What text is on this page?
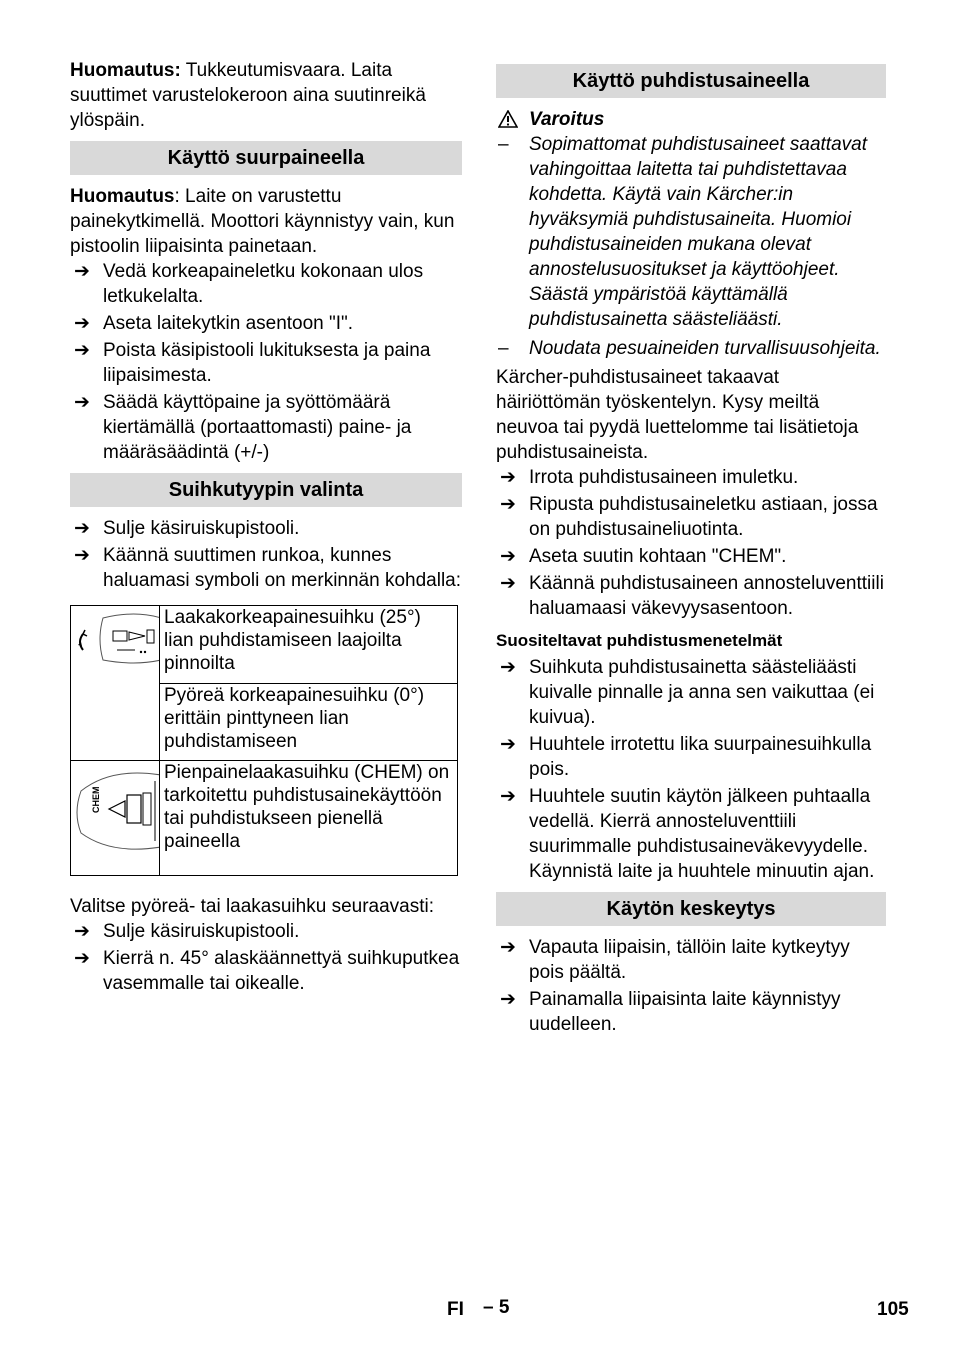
Huomautus: Tukkeutumisvaara. Laita suuttimet varustelokeroon aina suutinreikä ylöspäin.

Käyttö suurpaineella

Huomautus: Laite on varustettu painekytkimellä. Moottori käynnistyy vain, kun pistoolin liipaisinta painetaan.

➔ Vedä korkeapaineletku kokonaan ulos letkukelalta.
➔ Aseta laitekytkin asentoon "I".
➔ Poista käsipistooli lukituksesta ja paina liipaisimesta.
➔ Säädä käyttöpaine ja syöttömäärä kiertämällä (portaattomasti) paine- ja määräsäädintä (+/-)
Suihkutyypin valinta
➔ Sulje käsiruiskupistooli.
➔ Käännä suuttimen runkoa, kunnes haluamasi symboli on merkinnän kohdalla:
	Laakakorkeapainesuihku (25°) lian puhdistamiseen laajoilta pinnoilta
	Pyöreä korkeapainesuihku (0°) erittäin pinttyneen lian puhdistamiseen

CHEM	Pienpainelaakasuihku (CHEM) on tarkoitettu puhdistusainekäyttöön tai puhdistukseen pienellä paineella

Valitse pyöreä- tai laakasuihku seuraavasti:

➔ Sulje käsiruiskupistooli.
➔ Kierrä n. 45° alaskäännettyä suihkuputkea vasemmalle tai oikealle.
Käyttö puhdistusaineella

Varoitus

– Sopimattomat puhdistusaineet saattavat vahingoittaa laitetta tai puhdistettavaa kohdetta. Käytä vain Kärcher:in hyväksymiä puhdistusaineita. Huomioi puhdistusaineiden mukana olevat annostelusuositukset ja käyttöohjeet. Säästä ympäristöä käyttämällä puhdistusainetta säästeliäästi.
– Noudata pesuaineiden turvallisuusohjeita.

Kärcher-puhdistusaineet takaavat häiriöttömän työskentelyn. Kysy meiltä neuvoa tai pyydä luettelomme tai lisätietoja puhdistusaineista.

➔ Irrota puhdistusaineen imuletku.
➔ Ripusta puhdistusaineletku astiaan, jossa on puhdistusaineliuotinta.
➔ Aseta suutin kohtaan "CHEM".
➔ Käännä puhdistusaineen annosteluventtiili haluamaasi väkevyysasentoon.

Suositeltavat puhdistusmenetelmät

➔ Suihkuta puhdistusainetta säästeliäästi kuivalle pinnalle ja anna sen vaikuttaa (ei kuivua).
➔ Huuhtele irrotettu lika suurpainesuihkulla pois.
➔ Huuhtele suutin käytön jälkeen puhtaalla vedellä. Kierrä annosteluventtiili suurimmalle puhdistusaineväkevyydelle. Käynnistä laite ja huuhtele minuutin ajan.
Käytön keskeytys
➔ Vapauta liipaisin, tällöin laite kytkeytyy pois päältä.
➔ Painamalla liipaisinta laite käynnistyy uudelleen.
FI – 5	105
